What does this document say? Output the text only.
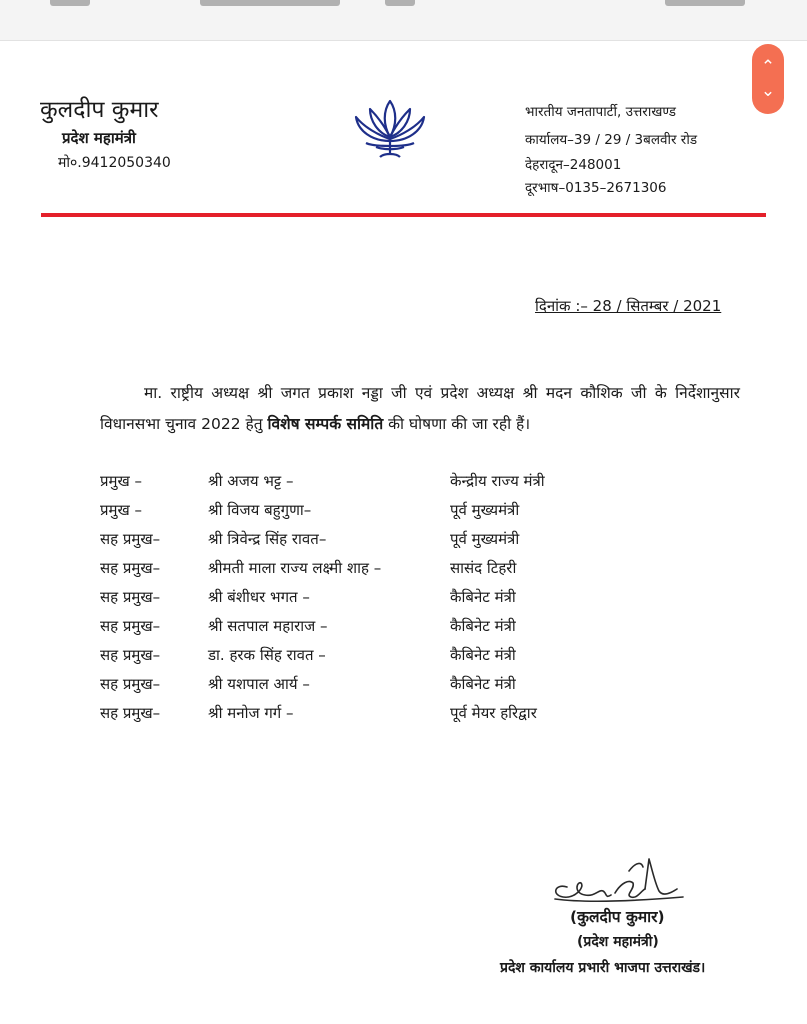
⌃
⌄
कुलदीप कुमार
प्रदेश महामंत्री
मो०.9412050340
भारतीय जनतापार्टी, उत्तराखण्ड
कार्यालय–39 / 29 / 3बलवीर रोड
देहरादून–248001
दूरभाष–0135–2671306
दिनांक :– 28 / सितम्बर / 2021
मा. राष्ट्रीय अध्यक्ष श्री जगत प्रकाश नड्डा जी एवं प्रदेश अध्यक्ष श्री मदन कौशिक जी के निर्देशानुसार विधानसभा चुनाव 2022 हेतु विशेष सम्पर्क समिति की घोषणा की जा रही हैं।
प्रमुख –	श्री अजय भट्ट –	केन्द्रीय राज्य मंत्री
प्रमुख –	श्री विजय बहुगुणा–	पूर्व मुख्यमंत्री
सह प्रमुख–	श्री त्रिवेन्द्र सिंह रावत–	पूर्व मुख्यमंत्री
सह प्रमुख–	श्रीमती माला राज्य लक्ष्मी शाह –	सासंद टिहरी
सह प्रमुख–	श्री बंशीधर भगत –	कैबिनेट मंत्री
सह प्रमुख–	श्री सतपाल महाराज –	कैबिनेट मंत्री
सह प्रमुख–	डा. हरक सिंह रावत –	कैबिनेट मंत्री
सह प्रमुख–	श्री यशपाल आर्य –	कैबिनेट मंत्री
सह प्रमुख–	श्री मनोज गर्ग –	पूर्व मेयर हरिद्वार
(कुलदीप कुमार)
(प्रदेश महामंत्री)
प्रदेश कार्यालय प्रभारी भाजपा उत्तराखंड।
